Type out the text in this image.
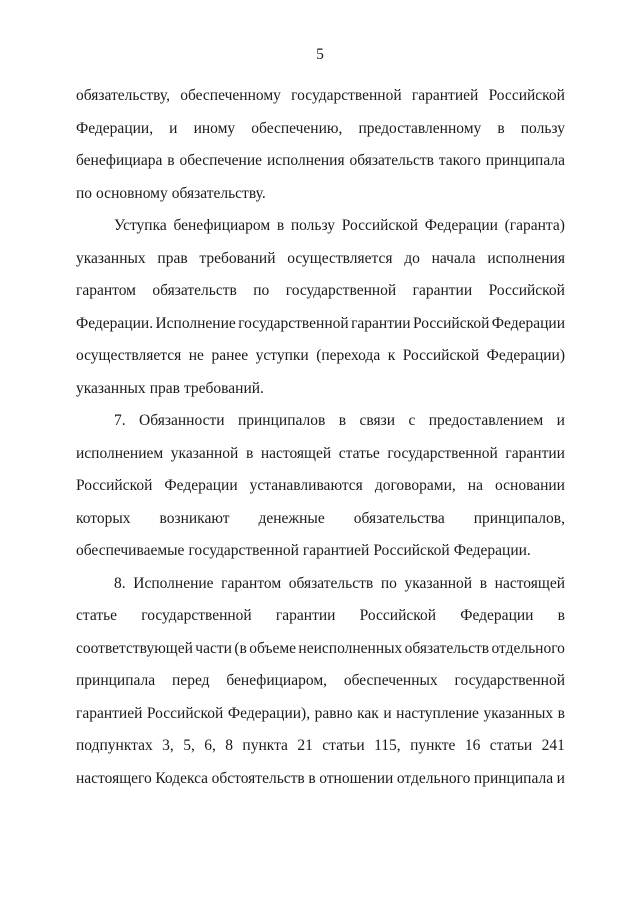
5
обязательству, обеспеченному государственной гарантией Российской
Федерации, и иному обеспечению, предоставленному в пользу
бенефициара в обеспечение исполнения обязательств такого принципала
по основному обязательству.
Уступка бенефициаром в пользу Российской Федерации (гаранта)
указанных прав требований осуществляется до начала исполнения
гарантом обязательств по государственной гарантии Российской
Федерации. Исполнение государственной гарантии Российской Федерации
осуществляется не ранее уступки (перехода к Российской Федерации)
указанных прав требований.
7. Обязанности принципалов в связи с предоставлением и
исполнением указанной в настоящей статье государственной гарантии
Российской Федерации устанавливаются договорами, на основании
которых возникают денежные обязательства принципалов,
обеспечиваемые государственной гарантией Российской Федерации.
8. Исполнение гарантом обязательств по указанной в настоящей
статье государственной гарантии Российской Федерации в
соответствующей части (в объеме неисполненных обязательств отдельного
принципала перед бенефициаром, обеспеченных государственной
гарантией Российской Федерации), равно как и наступление указанных в
подпунктах 3, 5, 6, 8 пункта 21 статьи 115, пункте 16 статьи 241
настоящего Кодекса обстоятельств в отношении отдельного принципала и
